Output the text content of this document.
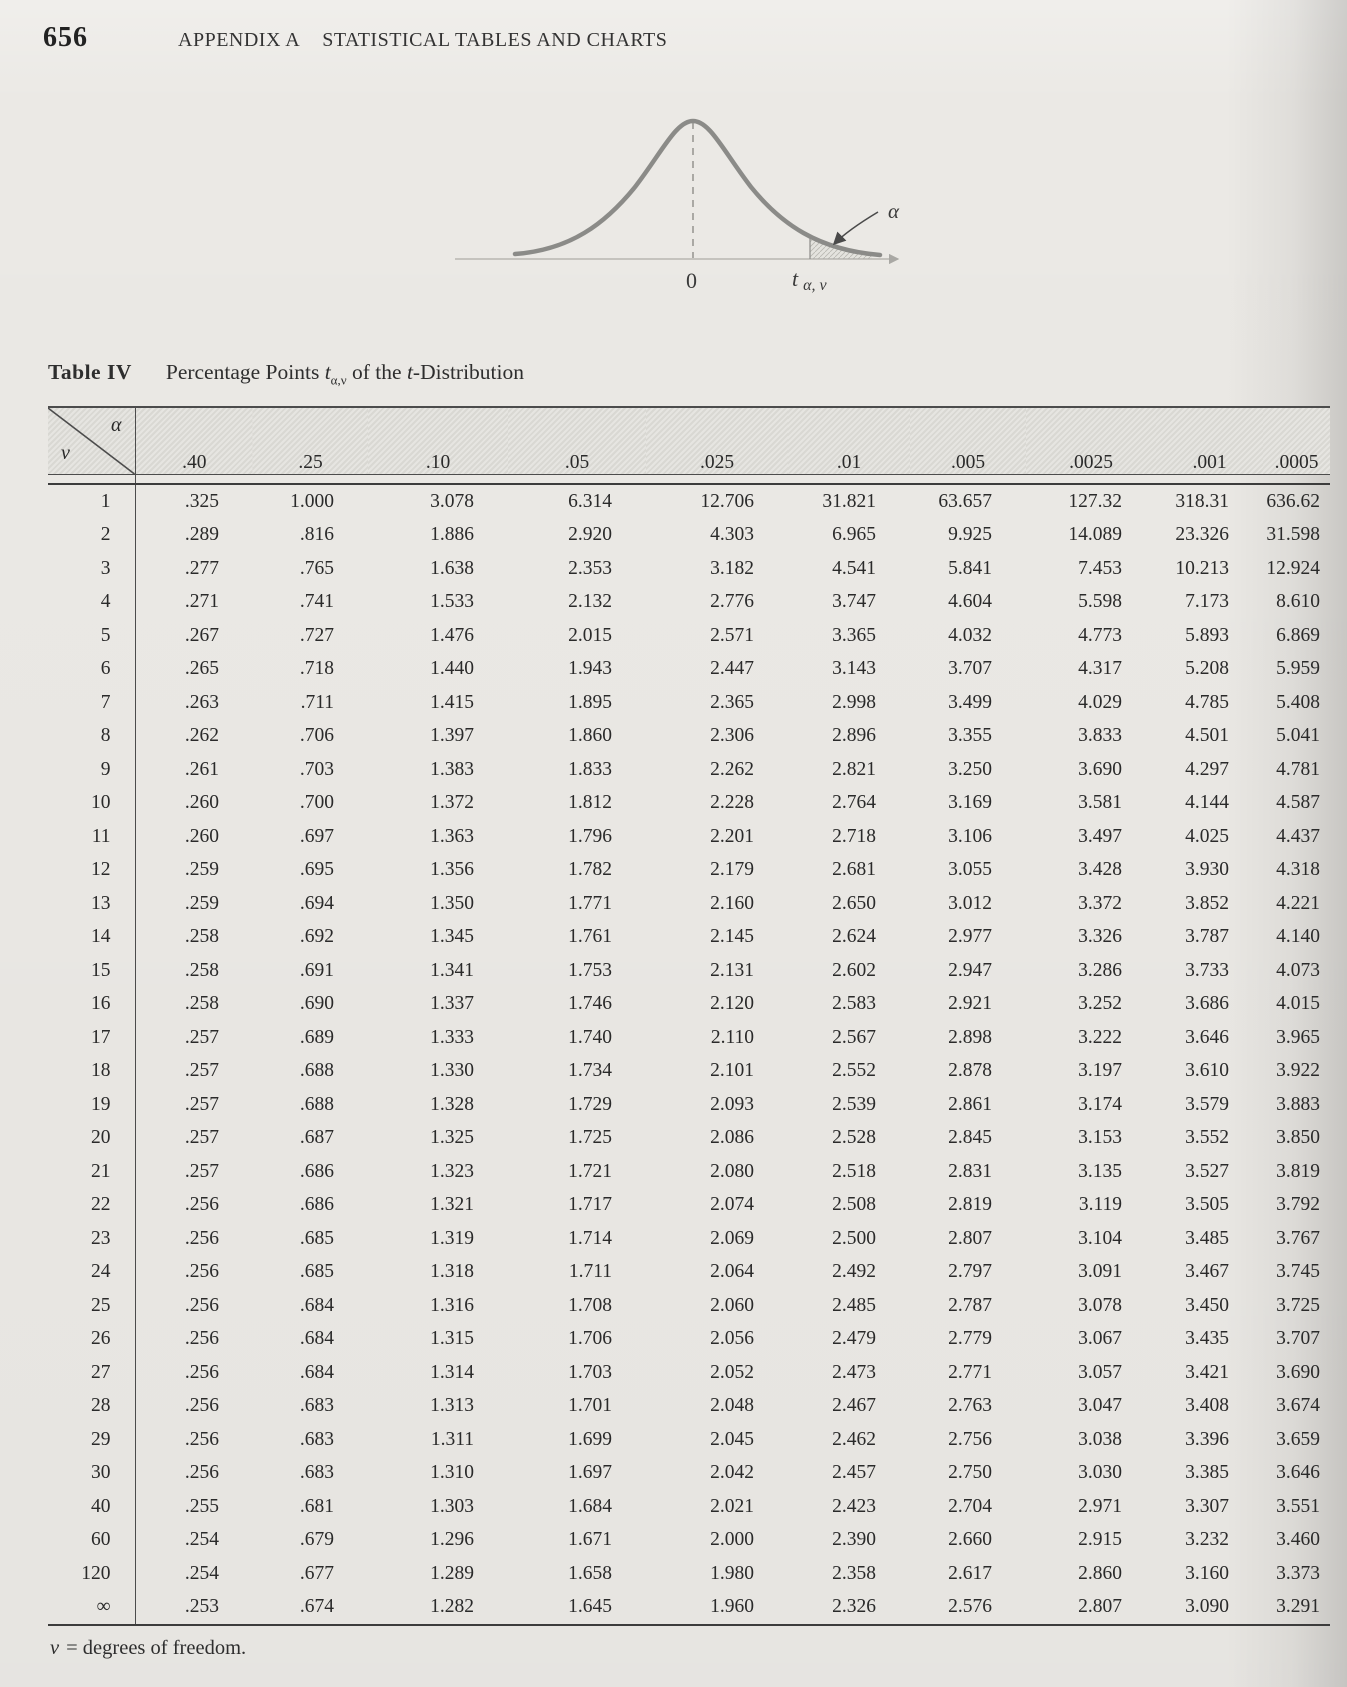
656	APPENDIX A STATISTICAL TABLES AND CHARTS
α
0	t α, ν
Table IV Percentage Points $t_{\alpha,\nu}$ of the t-Distribution
α
ν	.40	.25	.10	.05	.025	.01	.005	.0025	.001	.0005

1	.325	1.000	3.078	6.314	12.706	31.821	63.657	127.32	318.31	636.62
2	.289	.816	1.886	2.920	4.303	6.965	9.925	14.089	23.326	31.598
3	.277	.765	1.638	2.353	3.182	4.541	5.841	7.453	10.213	12.924
4	.271	.741	1.533	2.132	2.776	3.747	4.604	5.598	7.173	8.610
5	.267	.727	1.476	2.015	2.571	3.365	4.032	4.773	5.893	6.869
6	.265	.718	1.440	1.943	2.447	3.143	3.707	4.317	5.208	5.959
7	.263	.711	1.415	1.895	2.365	2.998	3.499	4.029	4.785	5.408
8	.262	.706	1.397	1.860	2.306	2.896	3.355	3.833	4.501	5.041
9	.261	.703	1.383	1.833	2.262	2.821	3.250	3.690	4.297	4.781
10	.260	.700	1.372	1.812	2.228	2.764	3.169	3.581	4.144	4.587
11	.260	.697	1.363	1.796	2.201	2.718	3.106	3.497	4.025	4.437
12	.259	.695	1.356	1.782	2.179	2.681	3.055	3.428	3.930	4.318
13	.259	.694	1.350	1.771	2.160	2.650	3.012	3.372	3.852	4.221
14	.258	.692	1.345	1.761	2.145	2.624	2.977	3.326	3.787	4.140
15	.258	.691	1.341	1.753	2.131	2.602	2.947	3.286	3.733	4.073
16	.258	.690	1.337	1.746	2.120	2.583	2.921	3.252	3.686	4.015
17	.257	.689	1.333	1.740	2.110	2.567	2.898	3.222	3.646	3.965
18	.257	.688	1.330	1.734	2.101	2.552	2.878	3.197	3.610	3.922
19	.257	.688	1.328	1.729	2.093	2.539	2.861	3.174	3.579	3.883
20	.257	.687	1.325	1.725	2.086	2.528	2.845	3.153	3.552	3.850
21	.257	.686	1.323	1.721	2.080	2.518	2.831	3.135	3.527	3.819
22	.256	.686	1.321	1.717	2.074	2.508	2.819	3.119	3.505	3.792
23	.256	.685	1.319	1.714	2.069	2.500	2.807	3.104	3.485	3.767
24	.256	.685	1.318	1.711	2.064	2.492	2.797	3.091	3.467	3.745
25	.256	.684	1.316	1.708	2.060	2.485	2.787	3.078	3.450	3.725
26	.256	.684	1.315	1.706	2.056	2.479	2.779	3.067	3.435	3.707
27	.256	.684	1.314	1.703	2.052	2.473	2.771	3.057	3.421	3.690
28	.256	.683	1.313	1.701	2.048	2.467	2.763	3.047	3.408	3.674
29	.256	.683	1.311	1.699	2.045	2.462	2.756	3.038	3.396	3.659
30	.256	.683	1.310	1.697	2.042	2.457	2.750	3.030	3.385	3.646
40	.255	.681	1.303	1.684	2.021	2.423	2.704	2.971	3.307	3.551
60	.254	.679	1.296	1.671	2.000	2.390	2.660	2.915	3.232	3.460
120	.254	.677	1.289	1.658	1.980	2.358	2.617	2.860	3.160	3.373
∞	.253	.674	1.282	1.645	1.960	2.326	2.576	2.807	3.090	3.291
ν = degrees of freedom.
